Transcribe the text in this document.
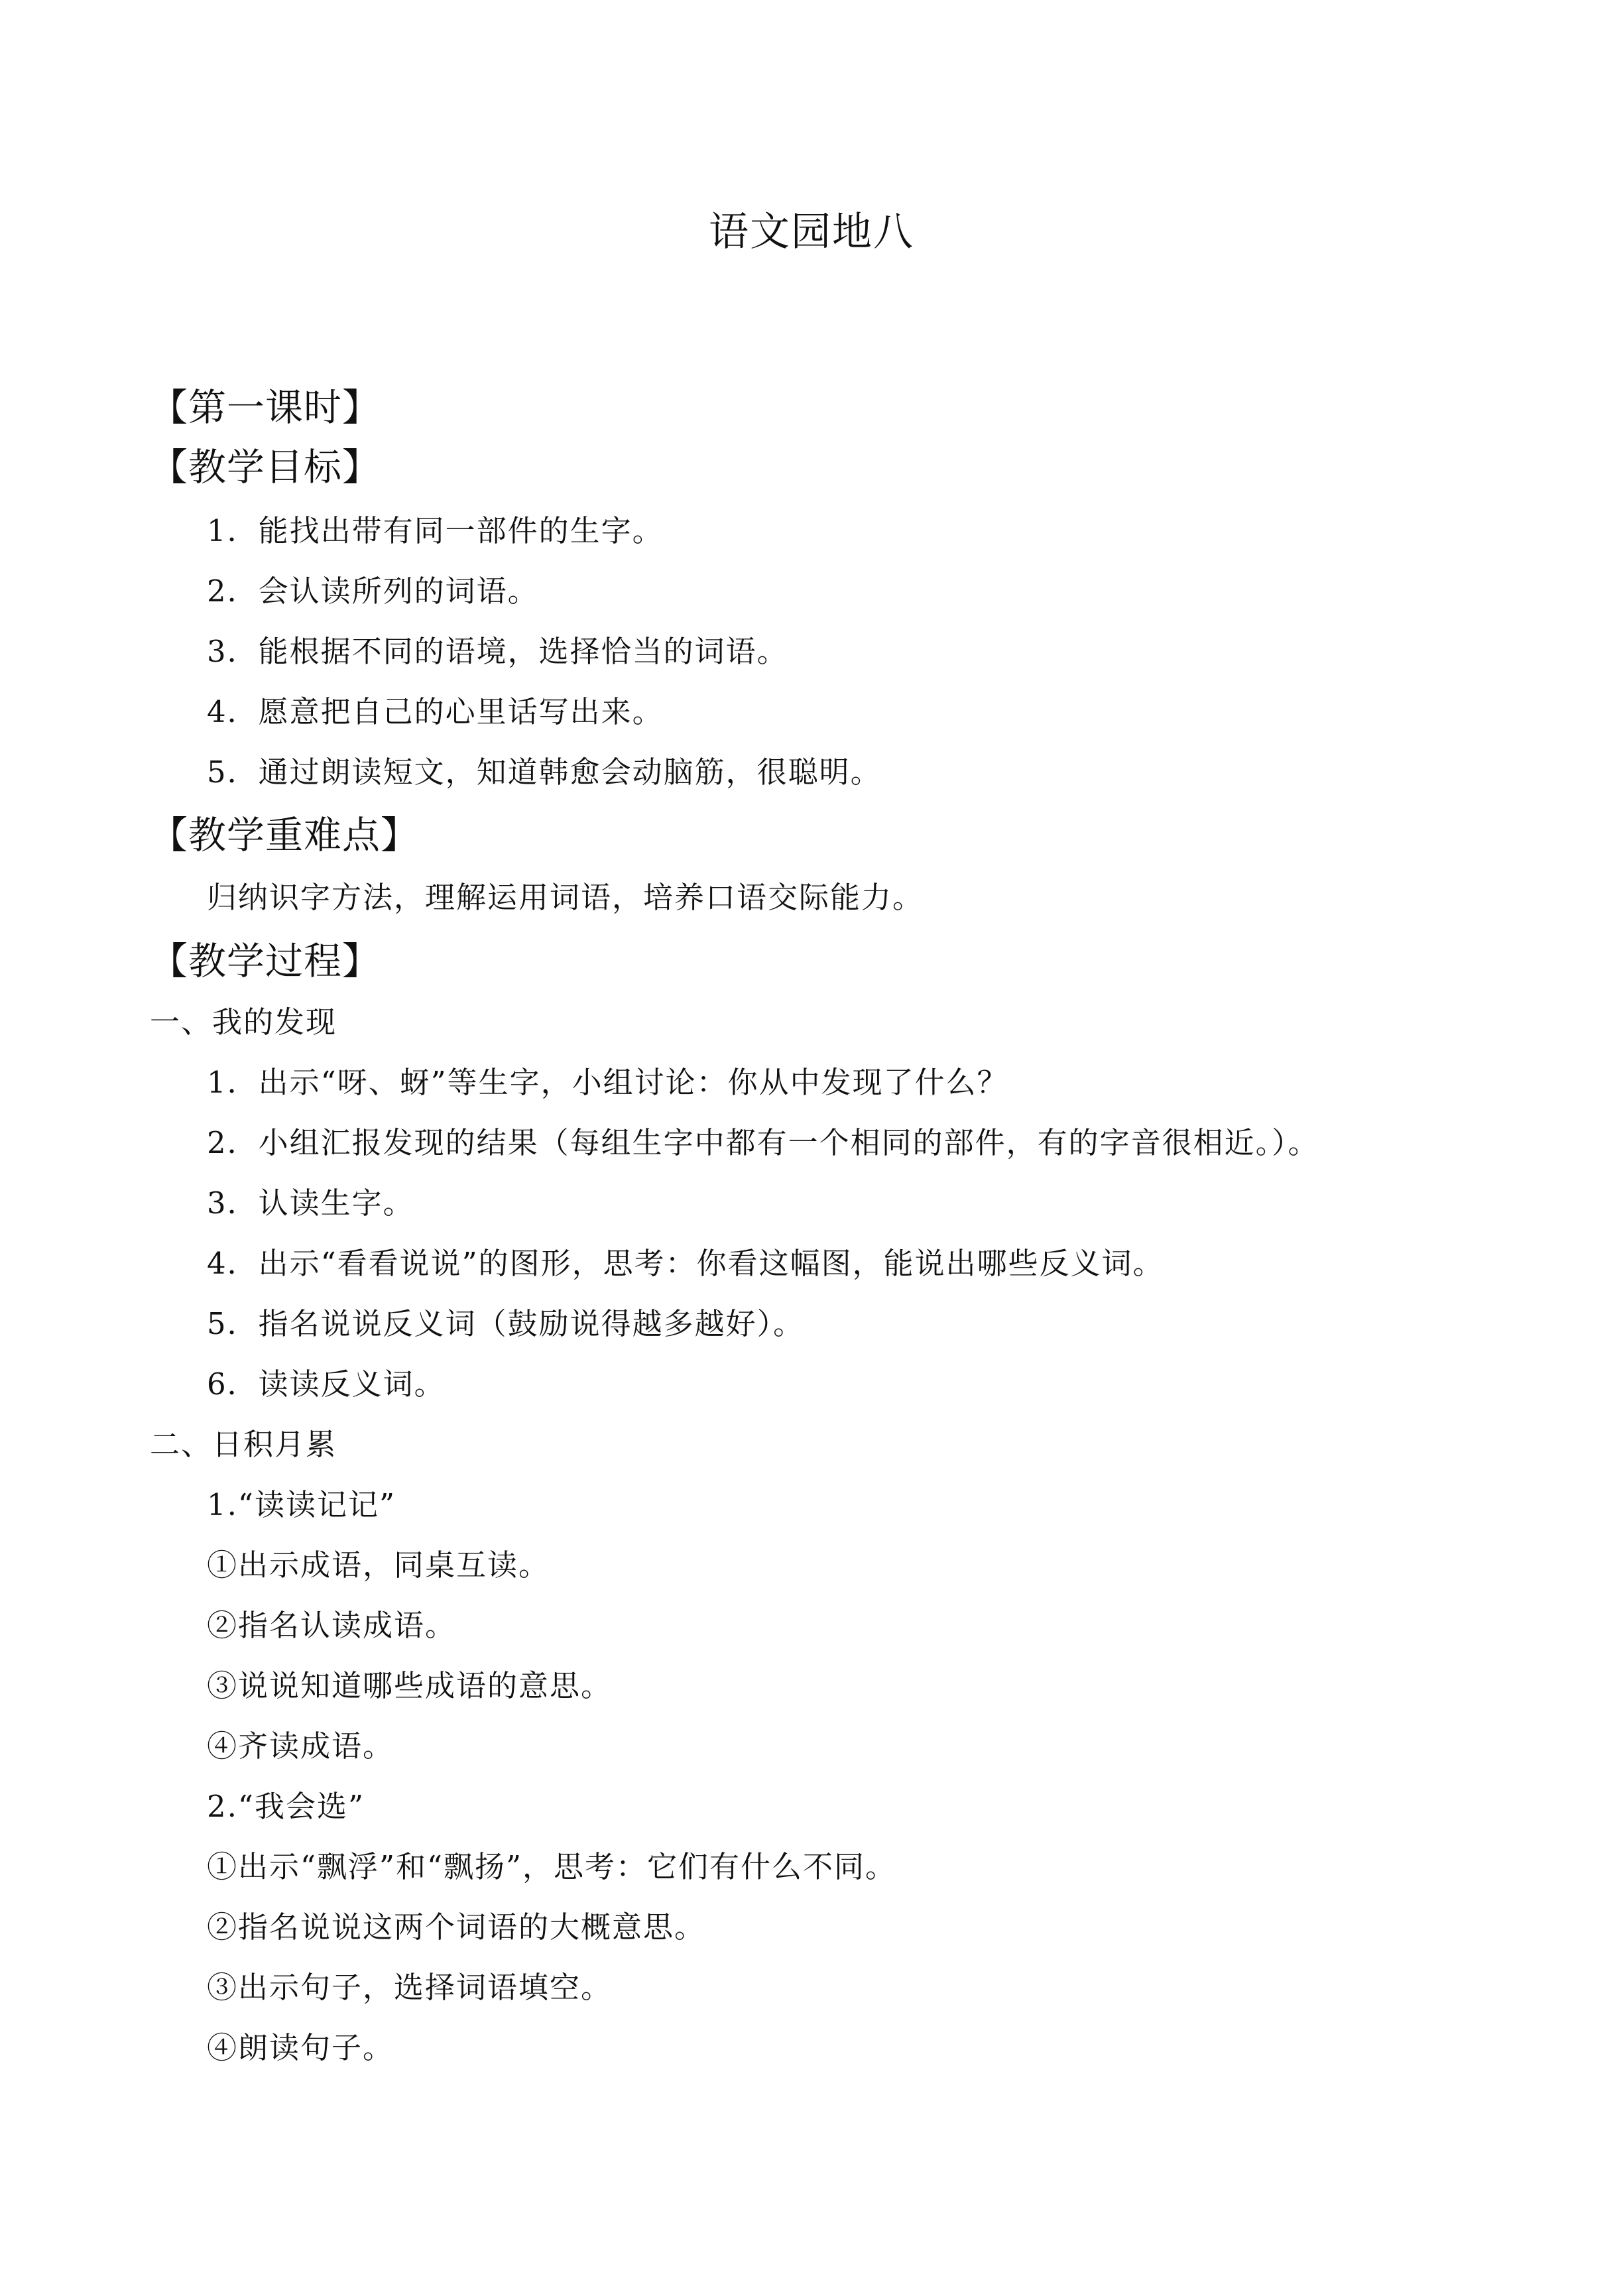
语文园地八
【第一课时】
【教学目标】
1．能找出带有同一部件的生字。
2．会认读所列的词语。
3．能根据不同的语境，选择恰当的词语。
4．愿意把自己的心里话写出来。
5．通过朗读短文，知道韩愈会动脑筋，很聪明。
【教学重难点】
归纳识字方法，理解运用词语，培养口语交际能力。
【教学过程】
一、我的发现
1．出示“呀、蚜”等生字，小组讨论：你从中发现了什么？
2．小组汇报发现的结果（每组生字中都有一个相同的部件，有的字音很相近。）。
3．认读生字。
4．出示“看看说说”的图形，思考：你看这幅图，能说出哪些反义词。
5．指名说说反义词（鼓励说得越多越好）。
6．读读反义词。
二、日积月累
1.“读读记记”
①出示成语，同桌互读。
②指名认读成语。
③说说知道哪些成语的意思。
④齐读成语。
2.“我会选”
①出示“飘浮”和“飘扬”，思考：它们有什么不同。
②指名说说这两个词语的大概意思。
③出示句子，选择词语填空。
④朗读句子。
